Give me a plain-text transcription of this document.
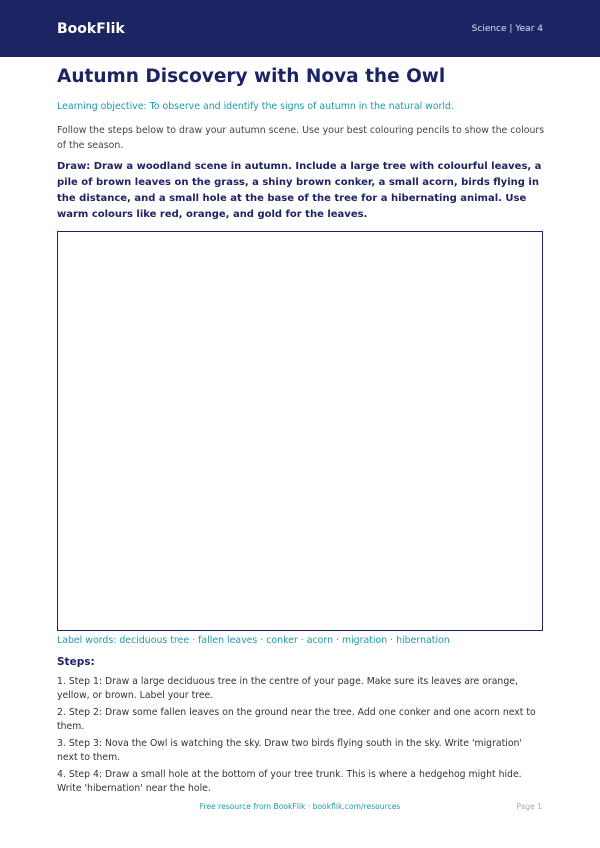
BookFlik	Science | Year 4
Autumn Discovery with Nova the Owl

Learning objective: To observe and identify the signs of autumn in the natural world.

Follow the steps below to draw your autumn scene. Use your best colouring pencils to show the colours of the season.

Draw: Draw a woodland scene in autumn. Include a large tree with colourful leaves, a pile of brown leaves on the grass, a shiny brown conker, a small acorn, birds flying in the distance, and a small hole at the base of the tree for a hibernating animal. Use warm colours like red, orange, and gold for the leaves.

Label words: deciduous tree · fallen leaves · conker · acorn · migration · hibernation

Steps:
1. Step 1: Draw a large deciduous tree in the centre of your page. Make sure its leaves are orange, yellow, or brown. Label your tree.
2. Step 2: Draw some fallen leaves on the ground near the tree. Add one conker and one acorn next to them.
3. Step 3: Nova the Owl is watching the sky. Draw two birds flying south in the sky. Write 'migration' next to them.
4. Step 4: Draw a small hole at the bottom of your tree trunk. This is where a hedgehog might hide. Write 'hibernation' near the hole.
Free resource from BookFlik · bookflik.com/resources	Page 1
